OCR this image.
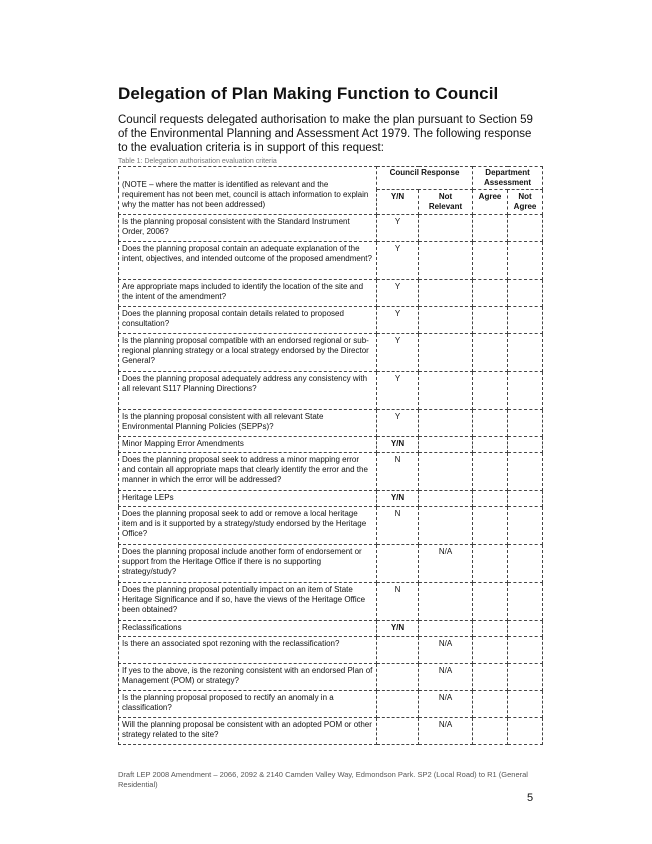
Delegation of Plan Making Function to Council
Council requests delegated authorisation to make the plan pursuant to Section 59 of the Environmental Planning and Assessment Act 1979. The following response to the evaluation criteria is in support of this request:
Table 1: Delegation authorisation evaluation criteria
(NOTE – where the matter is identified as relevant and the requirement has not been met, council is attach information to explain why the matter has not been addressed)	Council Response		Department Assessment	
	Y/N	Not Relevant	Agree	Not Agree
Is the planning proposal consistent with the Standard Instrument Order, 2006?	Y			
Does the planning proposal contain an adequate explanation of the intent, objectives, and intended outcome of the proposed amendment?	Y			
Are appropriate maps included to identify the location of the site and the intent of the amendment?	Y			
Does the planning proposal contain details related to proposed consultation?	Y			
Is the planning proposal compatible with an endorsed regional or sub-regional planning strategy or a local strategy endorsed by the Director General?	Y			
Does the planning proposal adequately address any consistency with all relevant S117 Planning Directions?	Y			
Is the planning proposal consistent with all relevant State Environmental Planning Policies (SEPPs)?	Y			
Minor Mapping Error Amendments	Y/N			
Does the planning proposal seek to address a minor mapping error and contain all appropriate maps that clearly identify the error and the manner in which the error will be addressed?	N			
Heritage LEPs	Y/N			
Does the planning proposal seek to add or remove a local heritage item and is it supported by a strategy/study endorsed by the Heritage Office?	N			
Does the planning proposal include another form of endorsement or support from the Heritage Office if there is no supporting strategy/study?		N/A		
Does the planning proposal potentially impact on an item of State Heritage Significance and if so, have the views of the Heritage Office been obtained?	N			
Reclassifications	Y/N			
Is there an associated spot rezoning with the reclassification?		N/A		
If yes to the above, is the rezoning consistent with an endorsed Plan of Management (POM) or strategy?		N/A		
Is the planning proposal proposed to rectify an anomaly in a classification?		N/A		
Will the planning proposal be consistent with an adopted POM or other strategy related to the site?		N/A		
Draft LEP 2008 Amendment – 2066, 2092 & 2140 Camden Valley Way, Edmondson Park. SP2 (Local Road) to R1 (General Residential)
5
